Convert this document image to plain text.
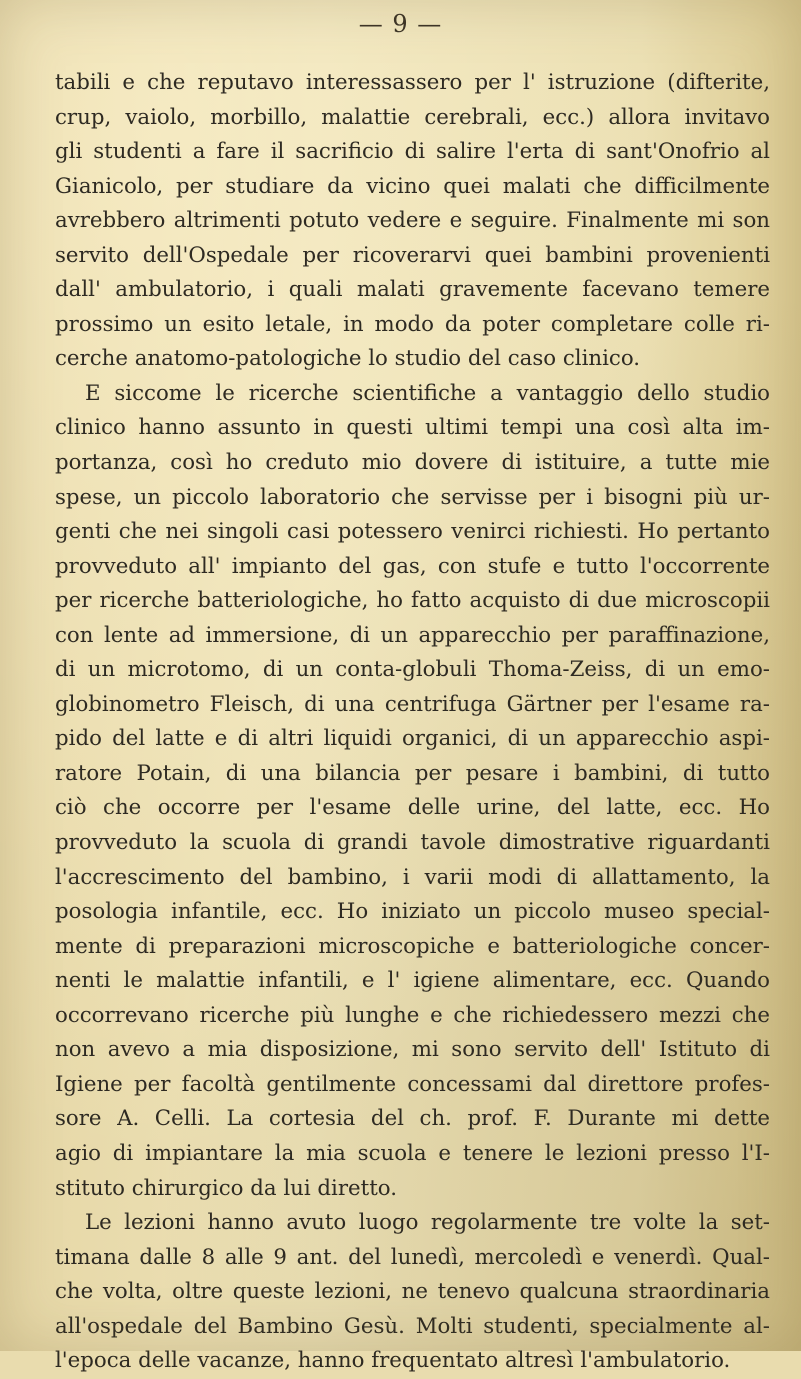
— 9 —
tabili e che reputavo interessassero per l' istruzione (difterite,
crup, vaiolo, morbillo, malattie cerebrali, ecc.) allora invitavo
gli studenti a fare il sacrificio di salire l'erta di sant'Onofrio al
Gianicolo, per studiare da vicino quei malati che difficilmente
avrebbero altrimenti potuto vedere e seguire. Finalmente mi son
servito dell'Ospedale per ricoverarvi quei bambini provenienti
dall' ambulatorio, i quali malati gravemente facevano temere
prossimo un esito letale, in modo da poter completare colle ri-
cerche anatomo-patologiche lo studio del caso clinico.
E siccome le ricerche scientifiche a vantaggio dello studio
clinico hanno assunto in questi ultimi tempi una così alta im-
portanza, così ho creduto mio dovere di istituire, a tutte mie
spese, un piccolo laboratorio che servisse per i bisogni più ur-
genti che nei singoli casi potessero venirci richiesti. Ho pertanto
provveduto all' impianto del gas, con stufe e tutto l'occorrente
per ricerche batteriologiche, ho fatto acquisto di due microscopii
con lente ad immersione, di un apparecchio per paraffinazione,
di un microtomo, di un conta-globuli Thoma-Zeiss, di un emo-
globinometro Fleisch, di una centrifuga Gärtner per l'esame ra-
pido del latte e di altri liquidi organici, di un apparecchio aspi-
ratore Potain, di una bilancia per pesare i bambini, di tutto
ciò che occorre per l'esame delle urine, del latte, ecc. Ho
provveduto la scuola di grandi tavole dimostrative riguardanti
l'accrescimento del bambino, i varii modi di allattamento, la
posologia infantile, ecc. Ho iniziato un piccolo museo special-
mente di preparazioni microscopiche e batteriologiche concer-
nenti le malattie infantili, e l' igiene alimentare, ecc. Quando
occorrevano ricerche più lunghe e che richiedessero mezzi che
non avevo a mia disposizione, mi sono servito dell' Istituto di
Igiene per facoltà gentilmente concessami dal direttore profes-
sore A. Celli. La cortesia del ch. prof. F. Durante mi dette
agio di impiantare la mia scuola e tenere le lezioni presso l'I-
stituto chirurgico da lui diretto.
Le lezioni hanno avuto luogo regolarmente tre volte la set-
timana dalle 8 alle 9 ant. del lunedì, mercoledì e venerdì. Qual-
che volta, oltre queste lezioni, ne tenevo qualcuna straordinaria
all'ospedale del Bambino Gesù. Molti studenti, specialmente al-
l'epoca delle vacanze, hanno frequentato altresì l'ambulatorio.
